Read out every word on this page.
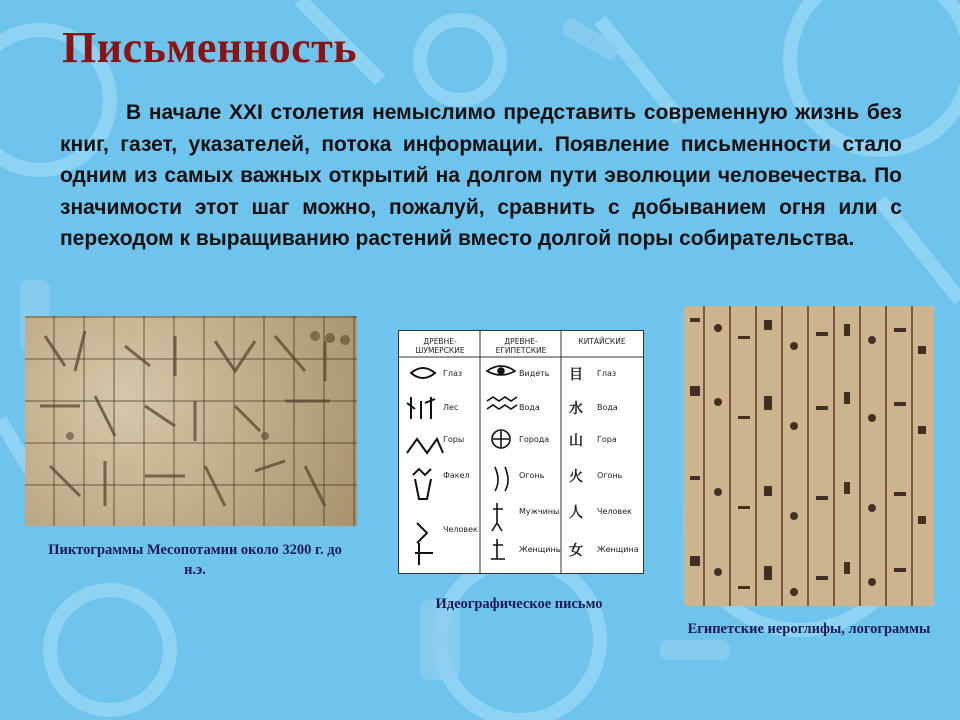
Письменность

В начале XXI столетия немыслимо представить современную жизнь без книг, газет, указателей, потока информации. Появление письменности стало одним из самых важных открытий на долгом пути эволюции человечества. По значимости этот шаг можно, пожалуй, сравнить с добыванием огня или с переходом к выращиванию растений вместо долгой поры собирательства.

ДРЕВНЕ-ШУМЕРСКИЕ
ДРЕВНЕ-ЕГИПЕТСКИЕ
КИТАЙСКИЕ
Глаз
Лес
Горы
Факел
Человек
Видеть
Вода
Города
Огонь
Мужчины
Женщины
目
水
山
火
人
女
Глаз
Вода
Гора
Огонь
Человек
Женщина
Пиктограммы Месопотамии около 3200 г. до н.э.
Идеографическое письмо
Египетские иероглифы, логограммы
